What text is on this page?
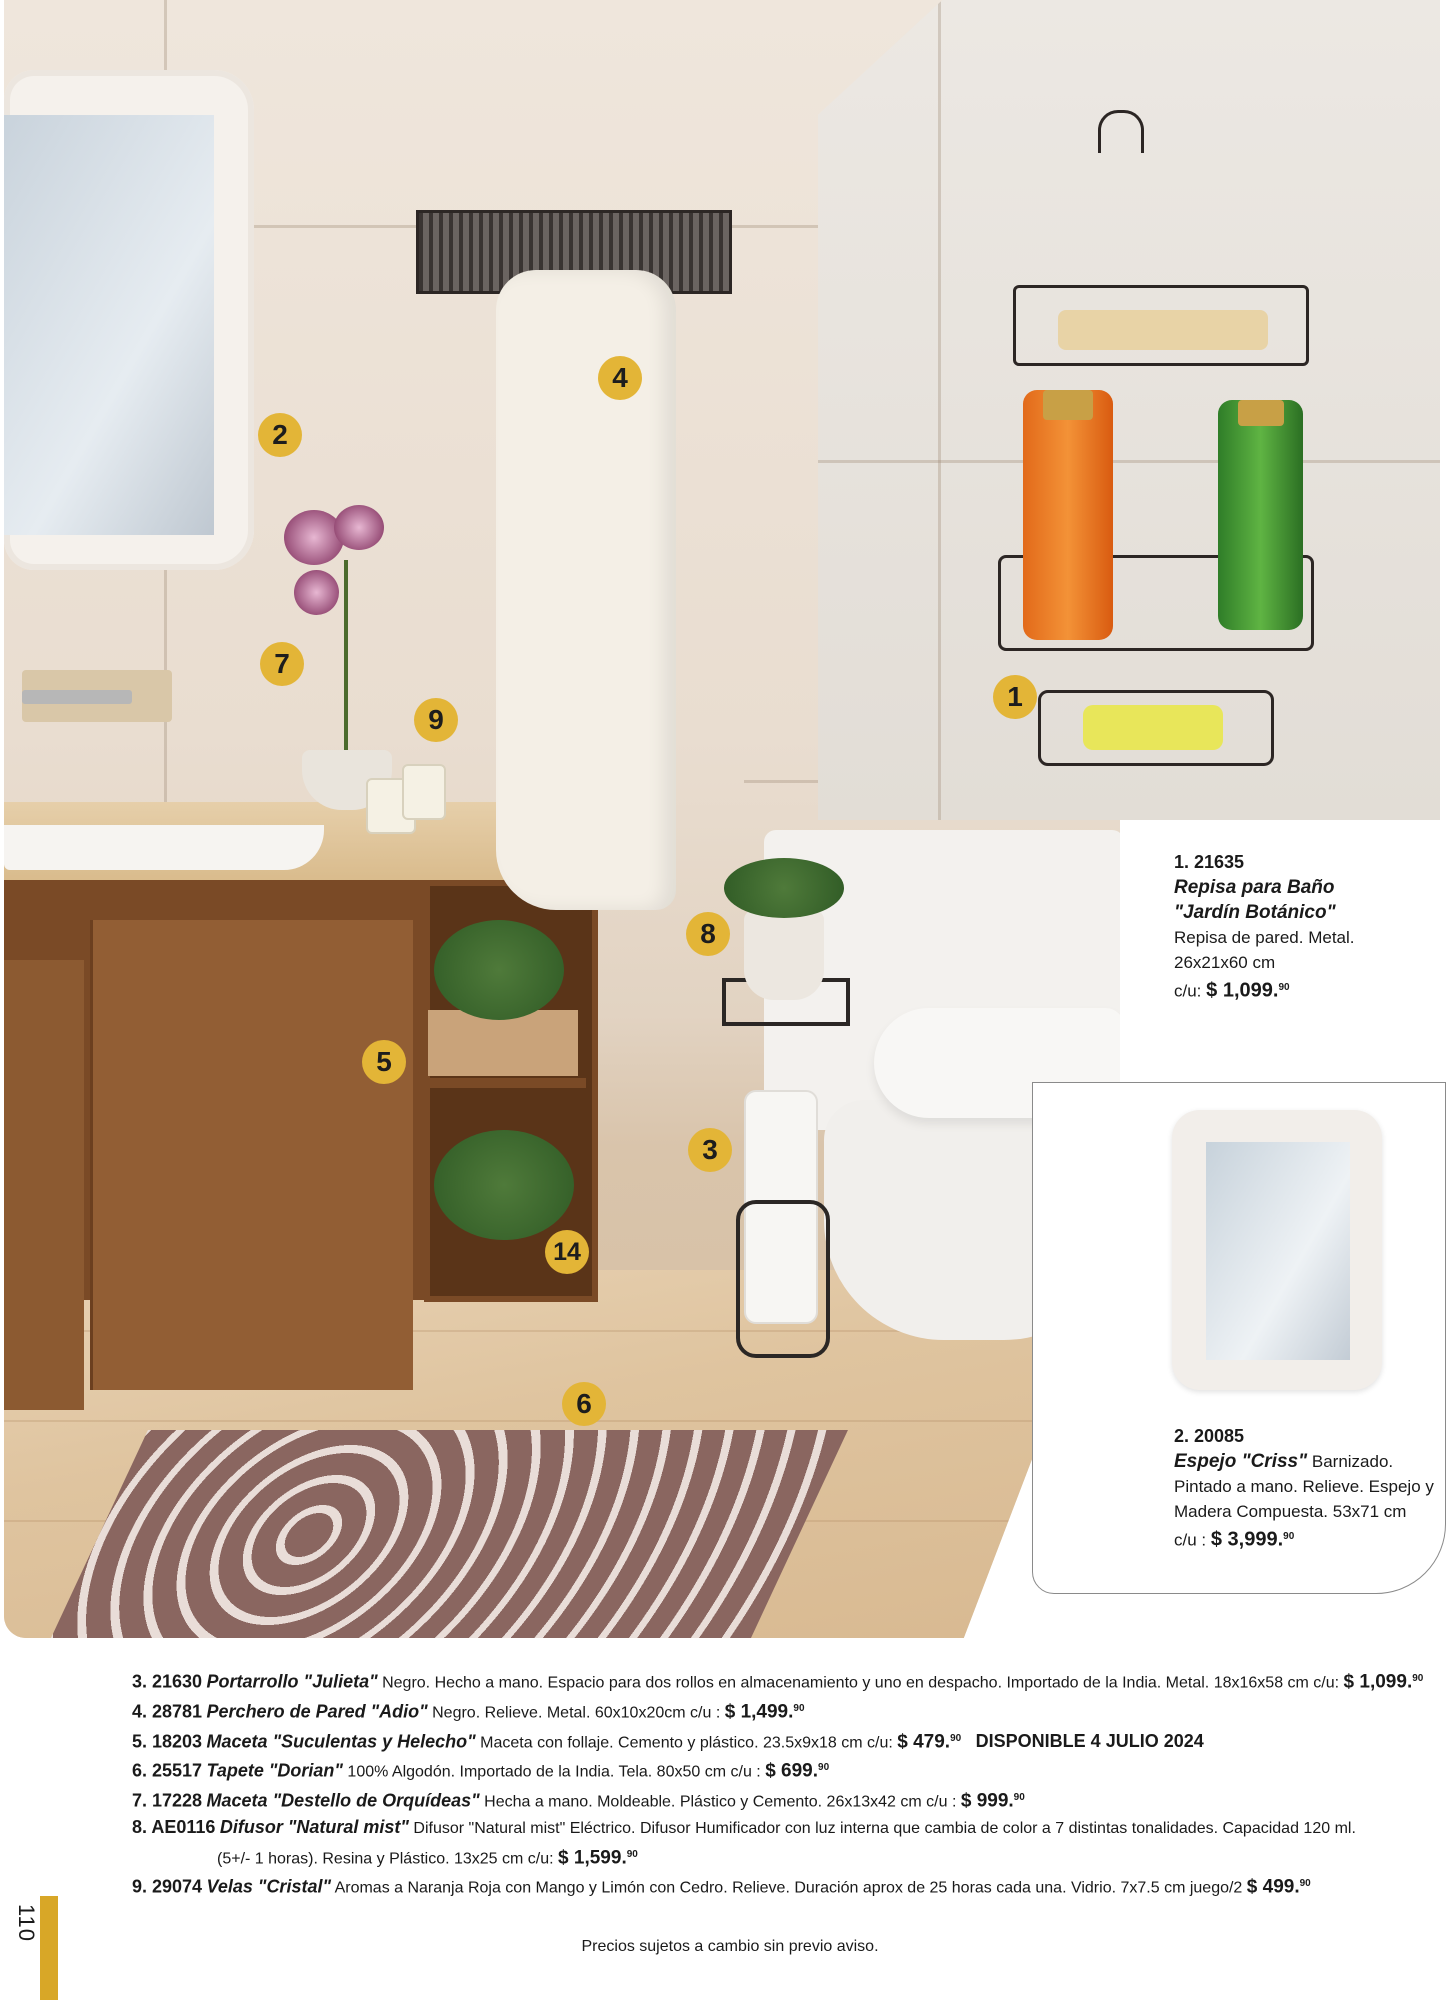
4
2
7
9
1
8
5
3
14
6
1. 21635
Repisa para Baño
"Jardín Botánico"
Repisa de pared. Metal.
26x21x60 cm
c/u: $ 1,099.90
2. 20085
Espejo "Criss" Barnizado.
Pintado a mano. Relieve. Espejo y
Madera Compuesta. 53x71 cm
c/u : $ 3,999.90
3. 21630 Portarrollo "Julieta" Negro. Hecho a mano. Espacio para dos rollos en almacenamiento y uno en despacho. Importado de la India. Metal. 18x16x58 cm c/u: $ 1,099.90
4. 28781 Perchero de Pared "Adio" Negro. Relieve. Metal. 60x10x20cm c/u : $ 1,499.90
5. 18203 Maceta "Suculentas y Helecho" Maceta con follaje. Cemento y plástico. 23.5x9x18 cm c/u: $ 479.90 DISPONIBLE 4 JULIO 2024
6. 25517 Tapete "Dorian" 100% Algodón. Importado de la India. Tela. 80x50 cm c/u : $ 699.90
7. 17228 Maceta "Destello de Orquídeas" Hecha a mano. Moldeable. Plástico y Cemento. 26x13x42 cm c/u : $ 999.90
8. AE0116 Difusor "Natural mist" Difusor "Natural mist" Eléctrico. Difusor Humificador con luz interna que cambia de color a 7 distintas tonalidades. Capacidad 120 ml.
(5+/- 1 horas). Resina y Plástico. 13x25 cm c/u: $ 1,599.90
9. 29074 Velas "Cristal" Aromas a Naranja Roja con Mango y Limón con Cedro. Relieve. Duración aprox de 25 horas cada una. Vidrio. 7x7.5 cm juego/2 $ 499.90
110
Precios sujetos a cambio sin previo aviso.
